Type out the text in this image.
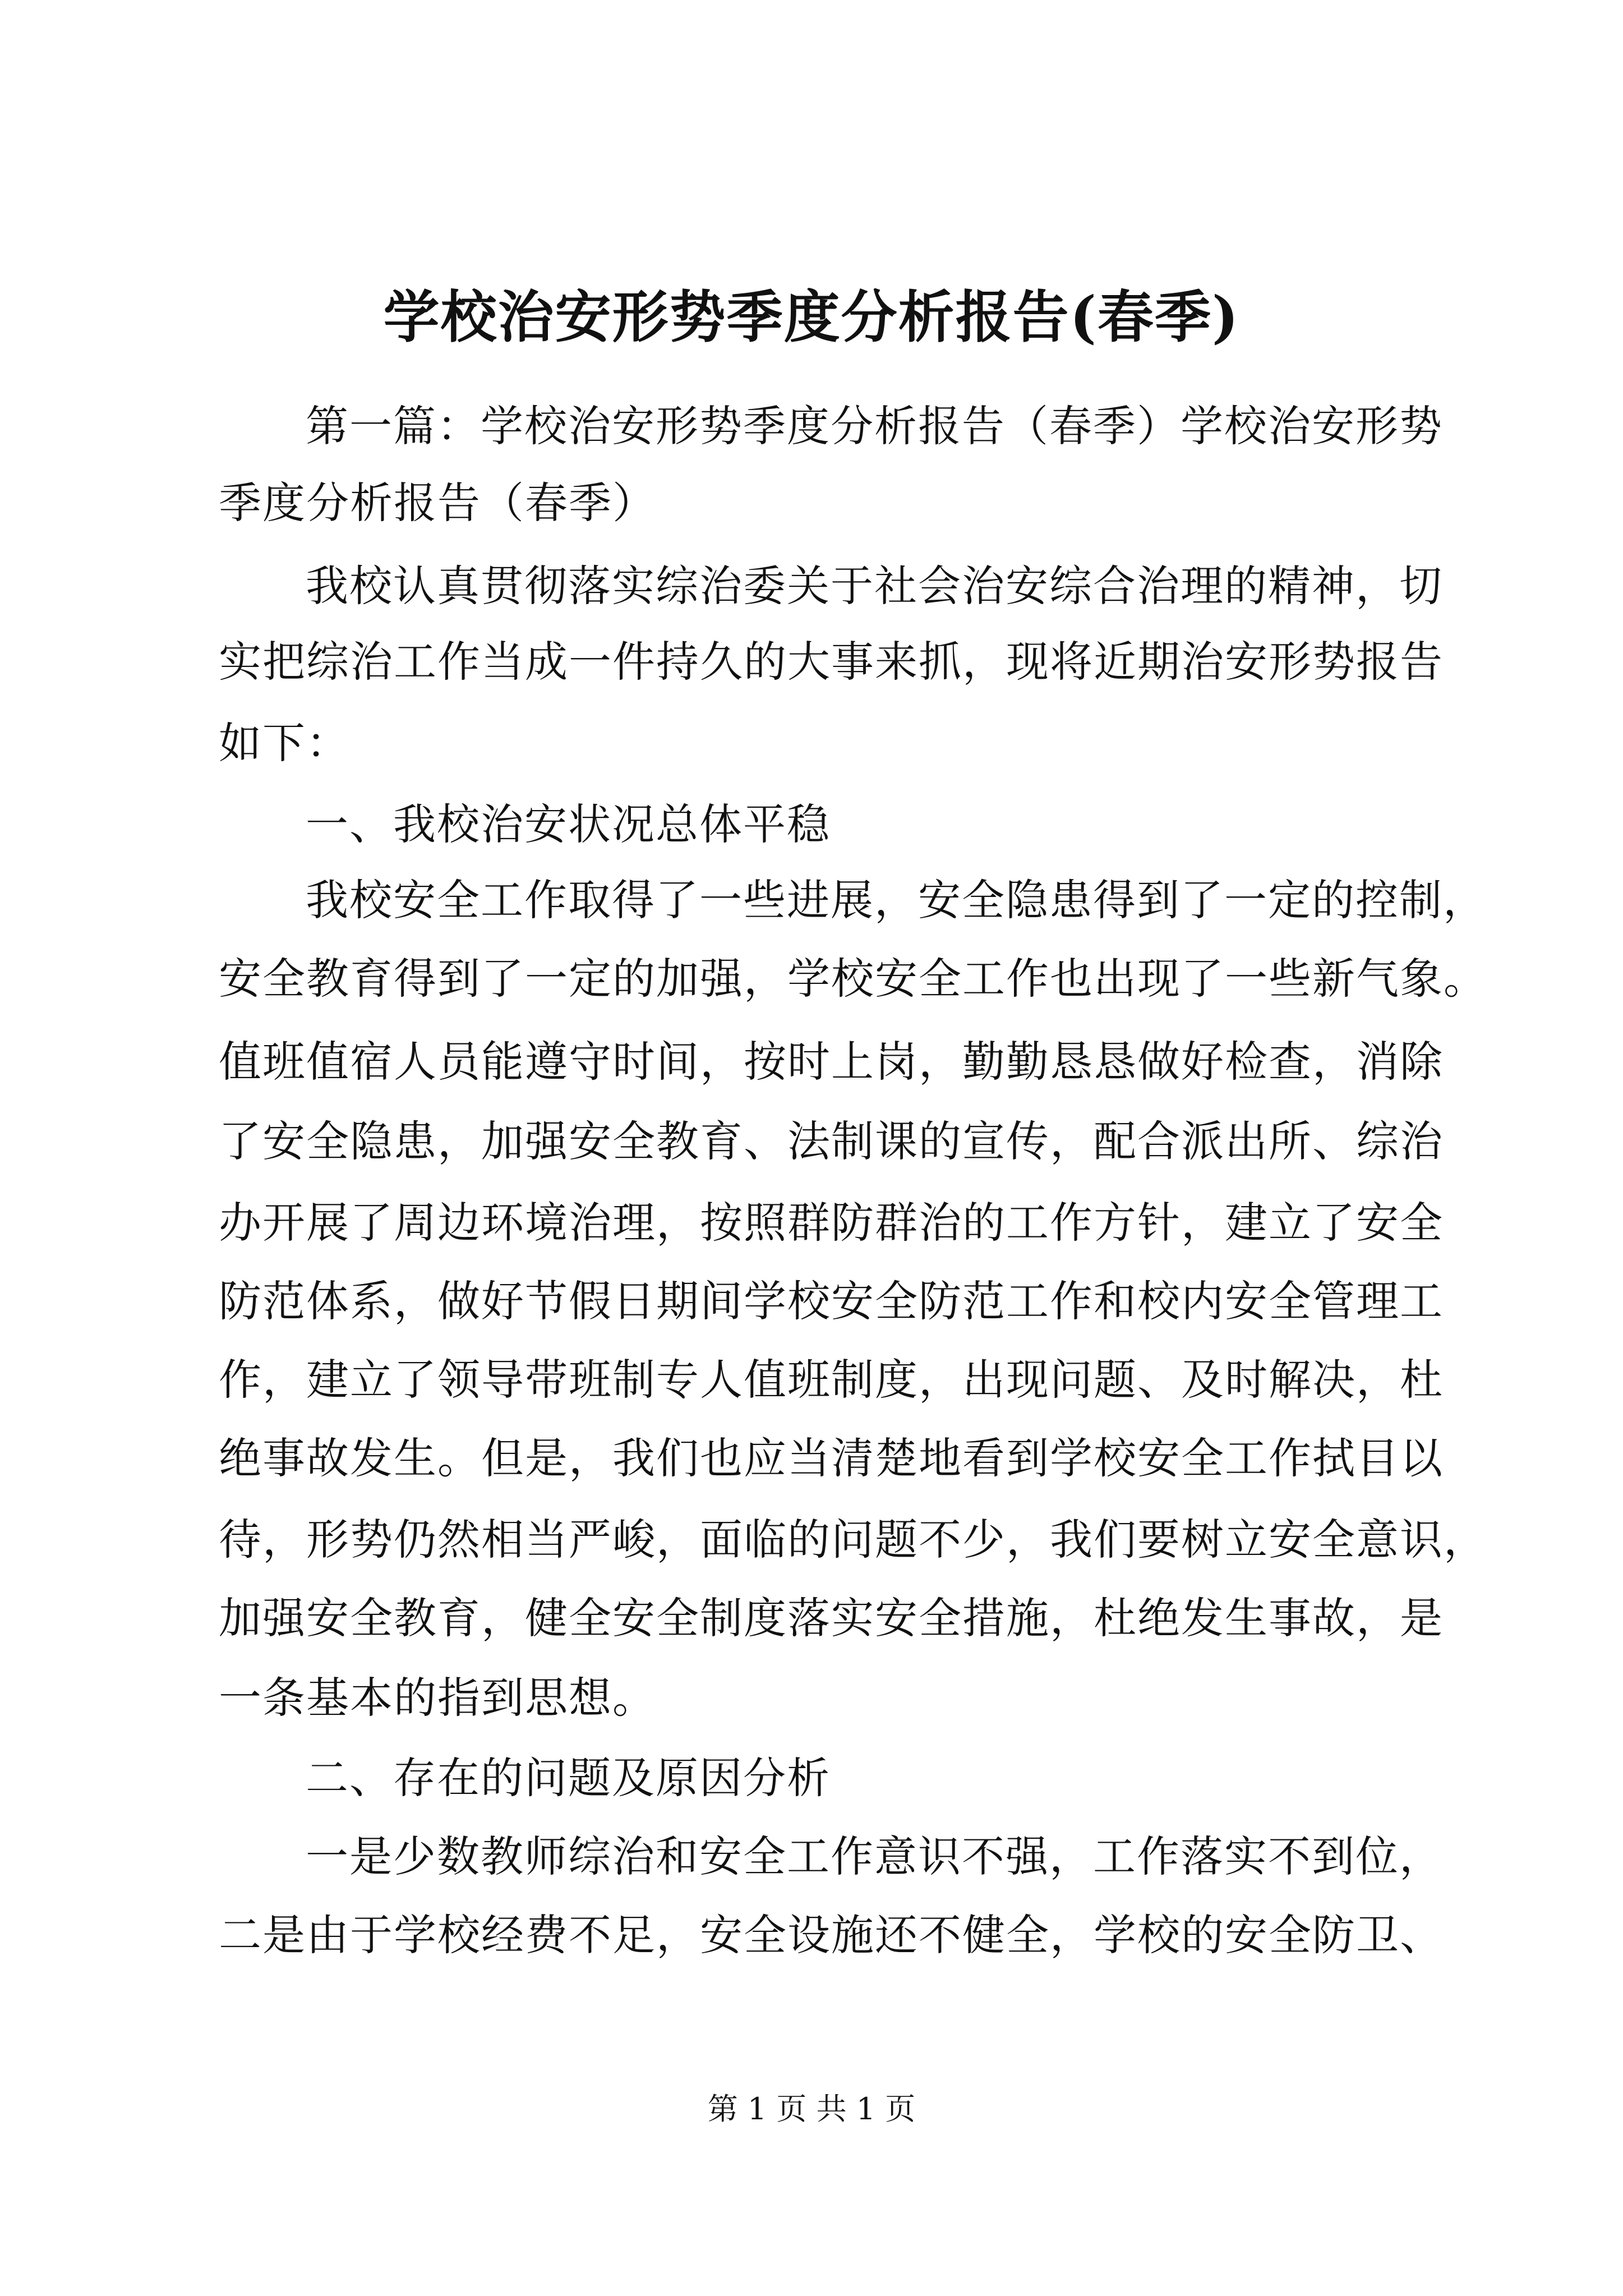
学校治安形势季度分析报告(春季)

第一篇：学校治安形势季度分析报告（春季）学校治安形势

季度分析报告（春季）

我校认真贯彻落实综治委关于社会治安综合治理的精神，切

实把综治工作当成一件持久的大事来抓，现将近期治安形势报告

如下：

一、我校治安状况总体平稳

我校安全工作取得了一些进展，安全隐患得到了一定的控制，

安全教育得到了一定的加强，学校安全工作也出现了一些新气象。

值班值宿人员能遵守时间，按时上岗，勤勤恳恳做好检查，消除

了安全隐患，加强安全教育、法制课的宣传，配合派出所、综治

办开展了周边环境治理，按照群防群治的工作方针，建立了安全

防范体系，做好节假日期间学校安全防范工作和校内安全管理工

作，建立了领导带班制专人值班制度，出现问题、及时解决，杜

绝事故发生。但是，我们也应当清楚地看到学校安全工作拭目以

待，形势仍然相当严峻，面临的问题不少，我们要树立安全意识，

加强安全教育，健全安全制度落实安全措施，杜绝发生事故，是

一条基本的指到思想。

二、存在的问题及原因分析

一是少数教师综治和安全工作意识不强，工作落实不到位，

二是由于学校经费不足，安全设施还不健全，学校的安全防卫、

第 1 页 共 1 页
